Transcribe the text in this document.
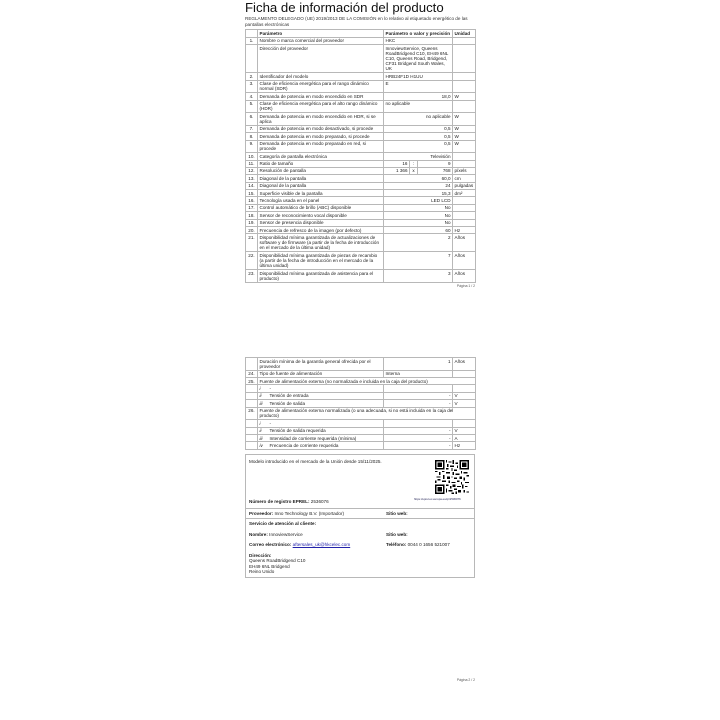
Ficha de información del producto
REGLAMENTO DELEGADO (UE) 2019/2013 DE LA COMISIÓN en lo relativo al etiquetado energético de las pantallas electrónicas
	Parámetro	Parámetro o valor y precisión			Unidad
1.	Nombre o marca comercial del proveedor	HKC			
	Dirección del proveedor	InnoviewService, Queens RoadBridgend C10, EH49 6NL C10, Queens Road, Bridgend, CF31 Bridgend South Wales, UK			
2.	Identificador del modelo	HRB24F1D H1UU			
3.	Clase de eficiencia energética para el rango dinámico normal (SDR)	E			
4.	Demanda de potencia en modo encendido en SDR	18,0			W
5.	Clase de eficiencia energética para el alto rango dinámico (HDR)	no aplicable			
6.	Demanda de potencia en modo encendido en HDR, si se aplica	no aplicable			W
7.	Demanda de potencia en modo desactivado, si procede	0,5			W
8.	Demanda de potencia en modo preparado, si procede	0,5			W
9.	Demanda de potencia en modo preparado en red, si procede	0,5			W
10.	Categoría de pantalla electrónica	Televisión			
11.	Ratio de tamaño	16	:	9	
12.	Resolución de pantalla	1 366	x	768	píxels
13.	Diagonal de la pantalla	60,0			cm
14.	Diagonal de la pantalla	24			pulgadas
15.	Superficie visible de la pantalla	15,3			dm²
16.	Tecnología usada en el panel	LED LCD			
17.	Control automático de brillo (ABC) disponible	No			
18.	Sensor de reconocimiento vocal disponible	No			
19.	Sensor de presencia disponible	No			
20.	Frecuencia de refresco de la imagen (por defecto)	60			Hz
21.	Disponibilidad mínima garantizada de actualizaciones de software y de firmware (a partir de la fecha de introducción en el mercado de la última unidad)	2			Años
22.	Disponibilidad mínima garantizada de piezas de recambio (a partir de la fecha de introducción en el mercado de la última unidad)	7			Años
23.	Disponibilidad mínima garantizada de asistencia para el producto)	3			Años
Página 1 / 2
	Duración mínima de la garantía general ofrecida por el proveedor	1	Años
24.	Tipo de fuente de alimentación	Interna	
25.	Fuente de alimentación externa (no normalizada e incluida en la caja del producto)		
	i -		
	ii Tensión de entrada	-	V
	iii Tensión de salida	-	V
26.	Fuente de alimentación externa normalizada (o una adecuada, si no está incluida en la caja del producto)		
	i -		
	ii Tensión de salida requerida	-	V
	iii Intensidad de corriente requerida (mínima)	-	A
	iv Frecuencia de corriente requerida	-	Hz
Modelo introducido en el mercado de la Unión desde 15/11/2025.
https://eprel.ec.europa.eu/qr/2536076
Número de registro EPREL: 2536076
Proveedor: Inno Technology B.V. (Importador)	Sitio web:
Servicio de atención al cliente:
Nombre: InnoviewService	Sitio web:
Correo electrónico: aftersales_uk@hkcelec.com	Teléfono: 0044 0 1656 521007
Dirección:
Queens RoadBridgend C10
EH49 6NL Bridgend
Reino Unido
Página 2 / 2
